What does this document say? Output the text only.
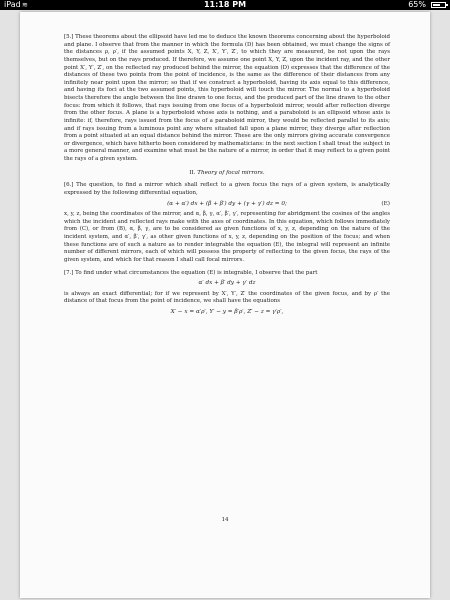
iPad ≋	11:18 PM	65%

[5.] These theorems about the ellipsoid have led me to deduce the known theorems concerning about the hyperboloid and plane. I observe that from the manner in which the formula (D) has been obtained, we must change the signs of the distances ρ, ρ′, if the assumed points X, Y, Z, X′, Y′, Z′, to which they are measured, be not upon the rays themselves, but on the rays produced. If therefore, we assume one point X, Y, Z, upon the incident ray, and the other point X′, Y′, Z′, on the reflected ray produced behind the mirror, the equation (D) expresses that the difference of the distances of these two points from the point of incidence, is the same as the difference of their distances from any infinitely near point upon the mirror; so that if we construct a hyperboloid, having its axis equal to this difference, and having its foci at the two assumed points, this hyperboloid will touch the mirror. The normal to a hyperboloid bisects therefore the angle between the line drawn to one focus, and the produced part of the line drawn to the other focus: from which it follows, that rays issuing from one focus of a hyperboloid mirror, would after reflection diverge from the other focus. A plane is a hyperboloid whose axis is nothing, and a paraboloid is an ellipsoid whose axis is infinite: if, therefore, rays issued from the focus of a paraboloid mirror, they would be reflected parallel to its axis; and if rays issuing from a luminous point any where situated fall upon a plane mirror, they diverge after reflection from a point situated at an equal distance behind the mirror. These are the only mirrors giving accurate convergence or divergence, which have hitherto been considered by mathematicians: in the next section I shall treat the subject in a more general manner, and examine what must be the nature of a mirror, in order that it may reflect to a given point the rays of a given system.

II. Theory of focal mirrors.

[6.] The question, to find a mirror which shall reflect to a given focus the rays of a given system, is analytically expressed by the following differential equation,

(α + α′) dx + (β + β′) dy + (γ + γ′) dz = 0;	(E)

x, y, z, being the coordinates of the mirror, and α, β, γ, α′, β′, γ′, representing for abridgment the cosines of the angles which the incident and reflected rays make with the axes of coordinates. In this equation, which follows immediately from (C), or from (B), α, β, γ, are to be considered as given functions of x, y, z, depending on the nature of the incident system, and α′, β′, γ′, as other given functions of x, y, z, depending on the position of the focus; and when these functions are of such a nature as to render integrable the equation (E), the integral will represent an infinite number of different mirrors, each of which will possess the property of reflecting to the given focus, the rays of the given system, and which for that reason I shall call focal mirrors.

[7.] To find under what circumstances the equation (E) is integrable, I observe that the part

α′ dx + β′ dy + γ′ dz

is always an exact differential; for if we represent by X′, Y′, Z′ the coordinates of the given focus, and by ρ′ the distance of that focus from the point of incidence, we shall have the equations

X′ − x = α′ρ′, Y′ − y = β′ρ′, Z′ − z = γ′ρ′,
14
